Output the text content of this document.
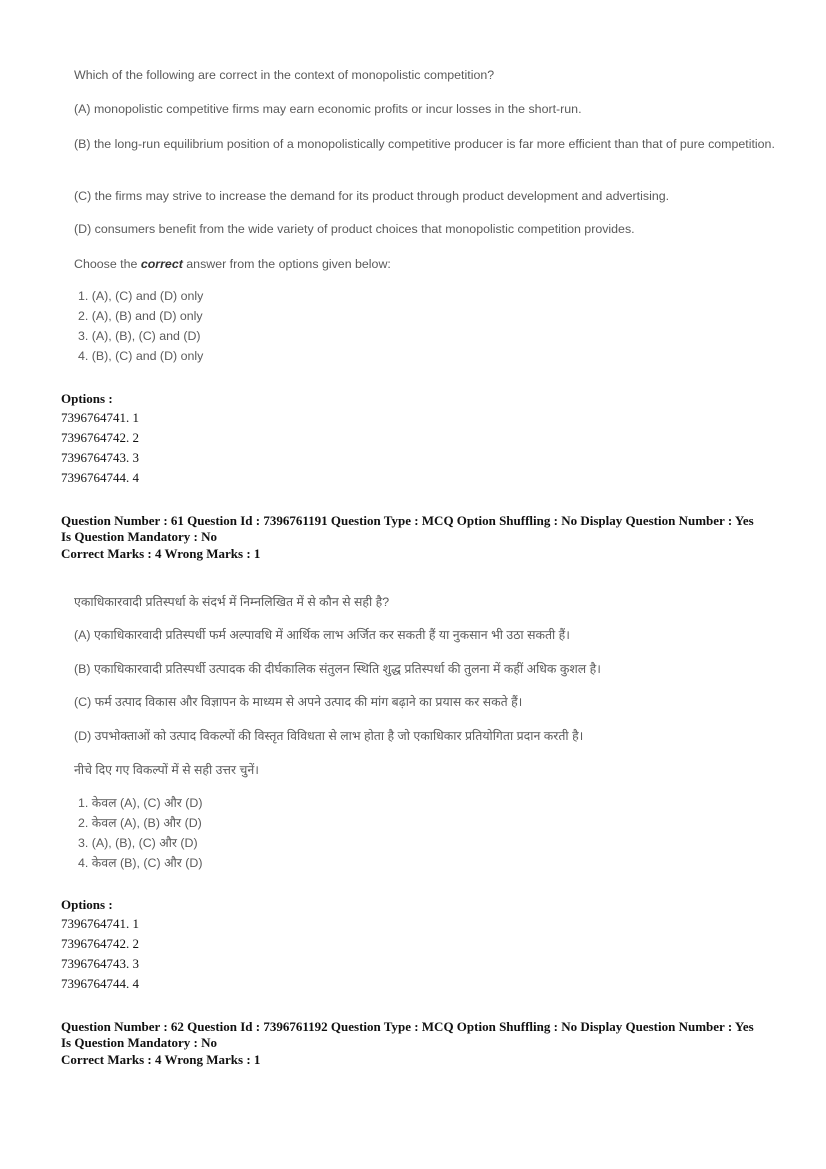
Which of the following are correct in the context of monopolistic competition?
(A) monopolistic competitive firms may earn economic profits or incur losses in the short-run.
(B) the long-run equilibrium position of a monopolistically competitive producer is far more efficient than that of pure competition.
(C) the firms may strive to increase the demand for its product through product development and advertising.
(D) consumers benefit from the wide variety of product choices that monopolistic competition provides.
Choose the correct answer from the options given below:
1. (A), (C) and (D) only
2. (A), (B) and (D) only
3. (A), (B), (C) and (D)
4. (B), (C) and (D) only
Options :
7396764741. 1
7396764742. 2
7396764743. 3
7396764744. 4
Question Number : 61 Question Id : 7396761191 Question Type : MCQ Option Shuffling : No Display Question Number : Yes
Is Question Mandatory : No
Correct Marks : 4 Wrong Marks : 1
एकाधिकारवादी प्रतिस्पर्धा के संदर्भ में निम्नलिखित में से कौन से सही है?
(A) एकाधिकारवादी प्रतिस्पर्धी फर्म अल्पावधि में आर्थिक लाभ अर्जित कर सकती हैं या नुकसान भी उठा सकती हैं।
(B) एकाधिकारवादी प्रतिस्पर्धी उत्पादक की दीर्घकालिक संतुलन स्थिति शुद्ध प्रतिस्पर्धा की तुलना में कहीं अधिक कुशल है।
(C) फर्म उत्पाद विकास और विज्ञापन के माध्यम से अपने उत्पाद की मांग बढ़ाने का प्रयास कर सकते हैं।
(D) उपभोक्ताओं को उत्पाद विकल्पों की विस्तृत विविधता से लाभ होता है जो एकाधिकार प्रतियोगिता प्रदान करती है।
नीचे दिए गए विकल्पों में से सही उत्तर चुनें।
1. केवल (A), (C) और (D)
2. केवल (A), (B) और (D)
3. (A), (B), (C) और (D)
4. केवल (B), (C) और (D)
Options :
7396764741. 1
7396764742. 2
7396764743. 3
7396764744. 4
Question Number : 62 Question Id : 7396761192 Question Type : MCQ Option Shuffling : No Display Question Number : Yes
Is Question Mandatory : No
Correct Marks : 4 Wrong Marks : 1
